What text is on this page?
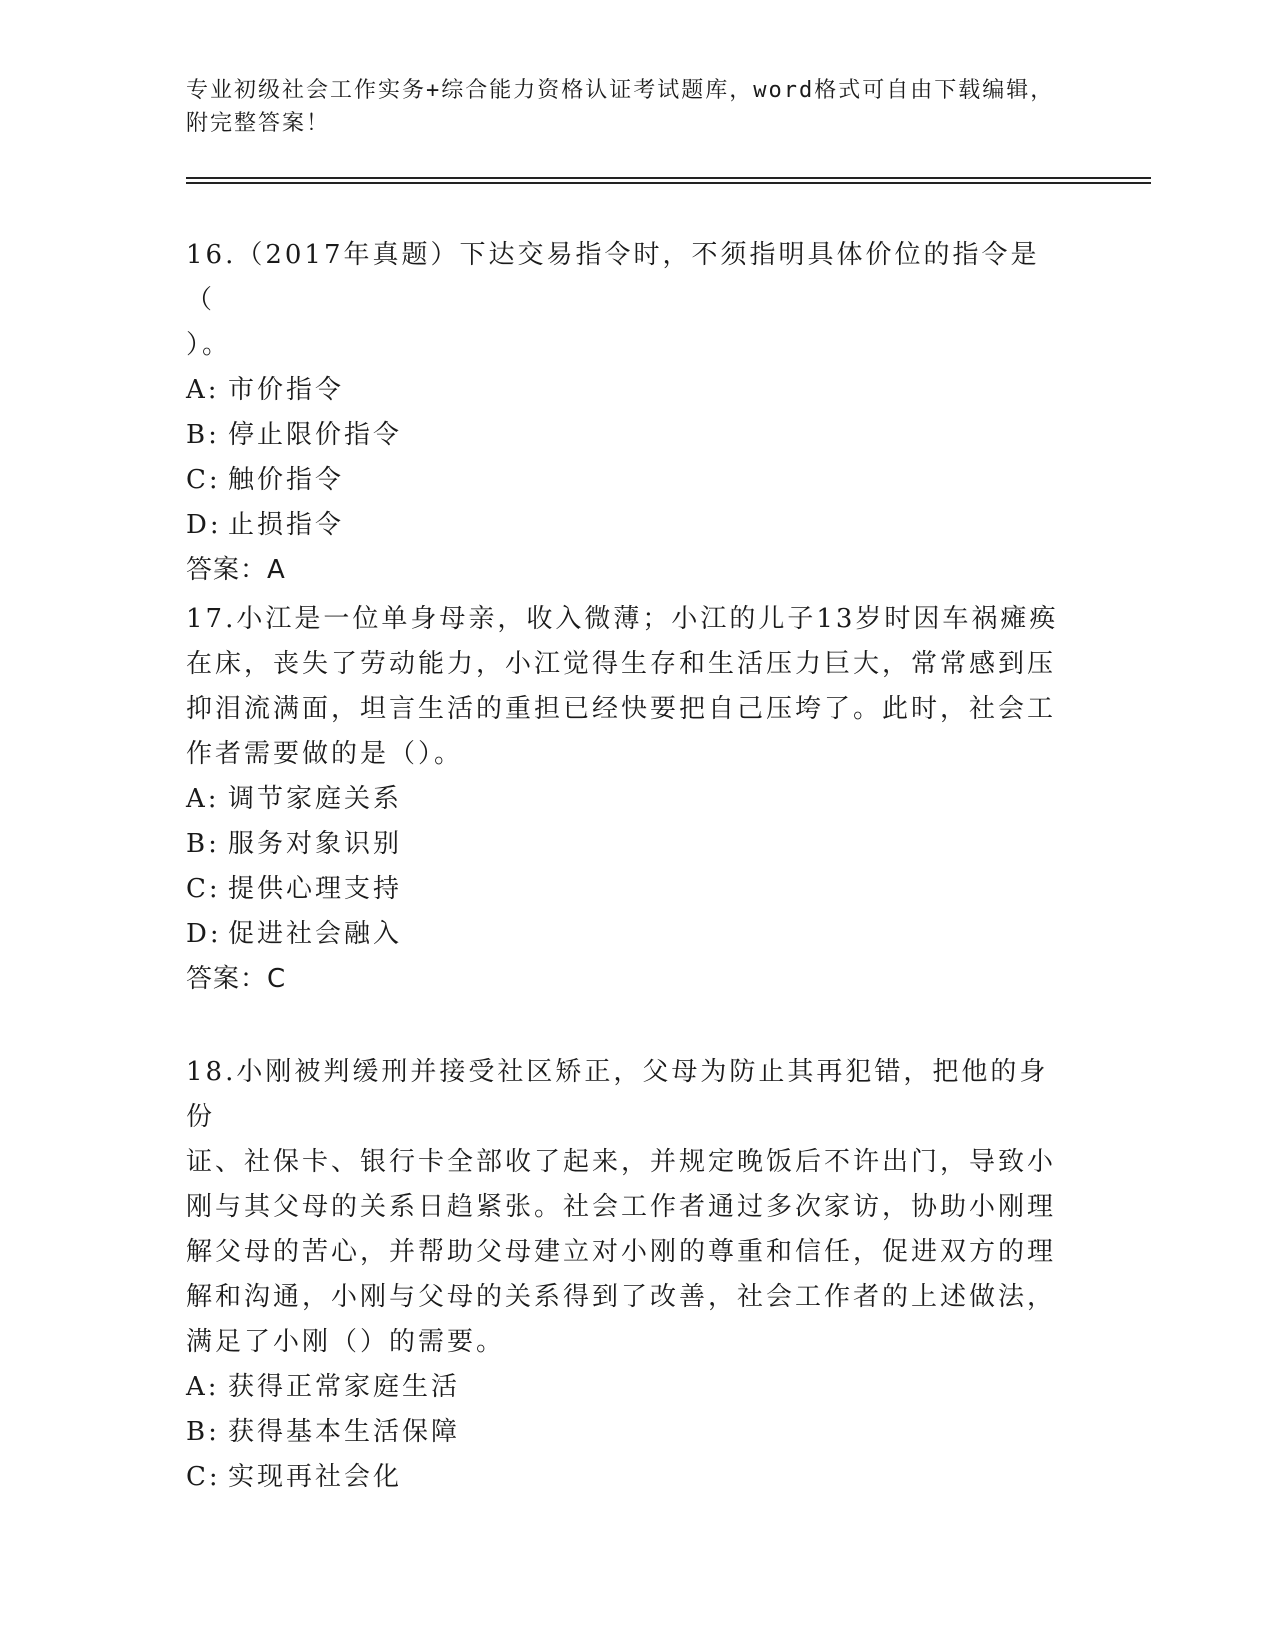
专业初级社会工作实务+综合能力资格认证考试题库，word格式可自由下载编辑，
附完整答案！
16.（2017年真题）下达交易指令时，不须指明具体价位的指令是（
）。
A: 市价指令
B: 停止限价指令
C: 触价指令
D: 止损指令
答案：A
17.小江是一位单身母亲，收入微薄；小江的儿子13岁时因车祸瘫痪
在床，丧失了劳动能力，小江觉得生存和生活压力巨大，常常感到压
抑泪流满面，坦言生活的重担已经快要把自己压垮了。此时，社会工
作者需要做的是（）。
A: 调节家庭关系
B: 服务对象识别
C: 提供心理支持
D: 促进社会融入
答案：C
18.小刚被判缓刑并接受社区矫正，父母为防止其再犯错，把他的身份
证、社保卡、银行卡全部收了起来，并规定晚饭后不许出门，导致小
刚与其父母的关系日趋紧张。社会工作者通过多次家访，协助小刚理
解父母的苦心，并帮助父母建立对小刚的尊重和信任，促进双方的理
解和沟通，小刚与父母的关系得到了改善，社会工作者的上述做法，
满足了小刚（）的需要。
A: 获得正常家庭生活
B: 获得基本生活保障
C: 实现再社会化
